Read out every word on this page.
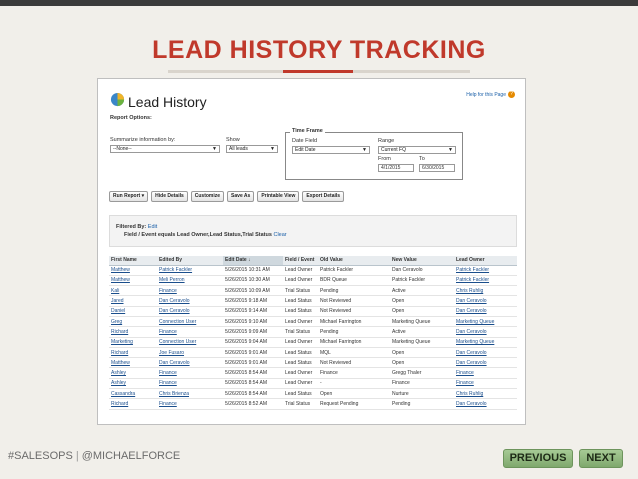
LEAD HISTORY TRACKING
Lead History	Help for this Page ?
Report Options:
Summarize information by:
--None--	▼
Show
All leads	▼
Time Frame
Date Field
Edit Date	▼
Range
Current FQ	▼
From
4/1/2015
To
6/30/2015
Run Report ▾	Hide Details	Customize	Save As	Printable View	Export Details
Filtered By: Edit
Field / Event equals Lead Owner,Lead Status,Trial Status Clear
First Name	Edited By	Edit Date ↓	Field / Event	Old Value	New Value	Lead Owner
Matthew	Patrick Fackler	5/26/2015 10:31 AM	Lead Owner	Patrick Fackler	Dan Ceravolo	Patrick Fackler
Matthew	Meli Perron	5/26/2015 10:30 AM	Lead Owner	BDR Queue	Patrick Fackler	Patrick Fackler
Kali	Finance	5/26/2015 10:09 AM	Trial Status	Pending	Active	Chris Ruhlig
Jared	Dan Ceravolo	5/26/2015 9:18 AM	Lead Status	Not Reviewed	Open	Dan Ceravolo
Daniel	Dan Ceravolo	5/26/2015 9:14 AM	Lead Status	Not Reviewed	Open	Dan Ceravolo
Greg	Connection User	5/26/2015 9:10 AM	Lead Owner	Michael Farrington	Marketing Queue	Marketing Queue
Richard	Finance	5/26/2015 9:09 AM	Trial Status	Pending	Active	Dan Ceravolo
Marketing	Connection User	5/26/2015 9:04 AM	Lead Owner	Michael Farrington	Marketing Queue	Marketing Queue
Richard	Joe Fusaro	5/26/2015 9:01 AM	Lead Status	MQL	Open	Dan Ceravolo
Matthew	Dan Ceravolo	5/26/2015 9:01 AM	Lead Status	Not Reviewed	Open	Dan Ceravolo
Ashley	Finance	5/26/2015 8:54 AM	Lead Owner	Finance	Gregg Thaler	Finance
Ashley	Finance	5/26/2015 8:54 AM	Lead Owner	-	Finance	Finance
Cassandra	Chris Brienza	5/26/2015 8:54 AM	Lead Status	Open	Nurture	Chris Ruhlig
Richard	Finance	5/26/2015 8:52 AM	Trial Status	Request Pending	Pending	Dan Ceravolo
#SALESOPS | @MICHAELFORCE	PREVIOUS	NEXT
